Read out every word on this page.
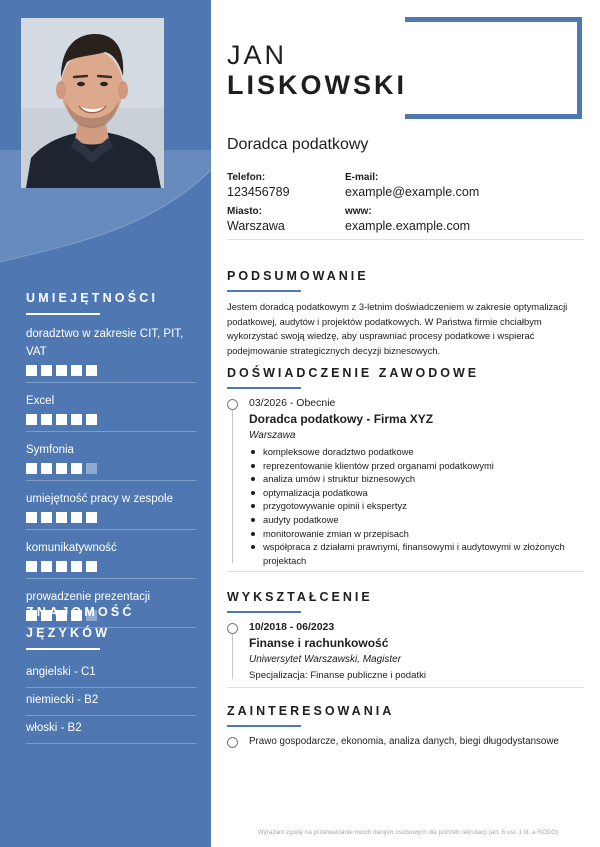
UMIEJĘTNOŚCI
doradztwo w zakresie CIT, PIT, VAT
Excel
Symfonia
umiejętność pracy w zespole
komunikatywność
prowadzenie prezentacji
ZNAJOMOŚĆ
JĘZYKÓW
angielski - C1
niemiecki - B2
włoski - B2
JAN
LISKOWSKI
Doradca podatkowy
Telefon:
123456789
E-mail:
example@example.com
Miasto:
Warszawa
www:
example.example.com
PODSUMOWANIE
Jestem doradcą podatkowym z 3-letnim doświadczeniem w zakresie optymalizacji podatkowej, audytów i projektów podatkowych. W Państwa firmie chciałbym wykorzystać swoją wiedzę, aby usprawniać procesy podatkowe i wspierać podejmowanie strategicznych decyzji biznesowych.
DOŚWIADCZENIE ZAWODOWE
03/2026 - Obecnie
Doradca podatkowy - Firma XYZ
Warszawa
kompleksowe doradztwo podatkowe
reprezentowanie klientów przed organami podatkowymi
analiza umów i struktur biznesowych
optymalizacja podatkowa
przygotowywanie opinii i ekspertyz
audyty podatkowe
monitorowanie zmian w przepisach
współpraca z działami prawnymi, finansowymi i audytowymi w złożonych projektach
WYKSZTAŁCENIE
10/2018 - 06/2023
Finanse i rachunkowość
Uniwersytet Warszawski, Magister
Specjalizacja: Finanse publiczne i podatki
ZAINTERESOWANIA
Prawo gospodarcze, ekonomia, analiza danych, biegi długodystansowe
Wyrażam zgodę na przetwarzanie moich danych osobowych dla potrzeb rekrutacji (art. 6 ust. 1 lit. a RODO)
